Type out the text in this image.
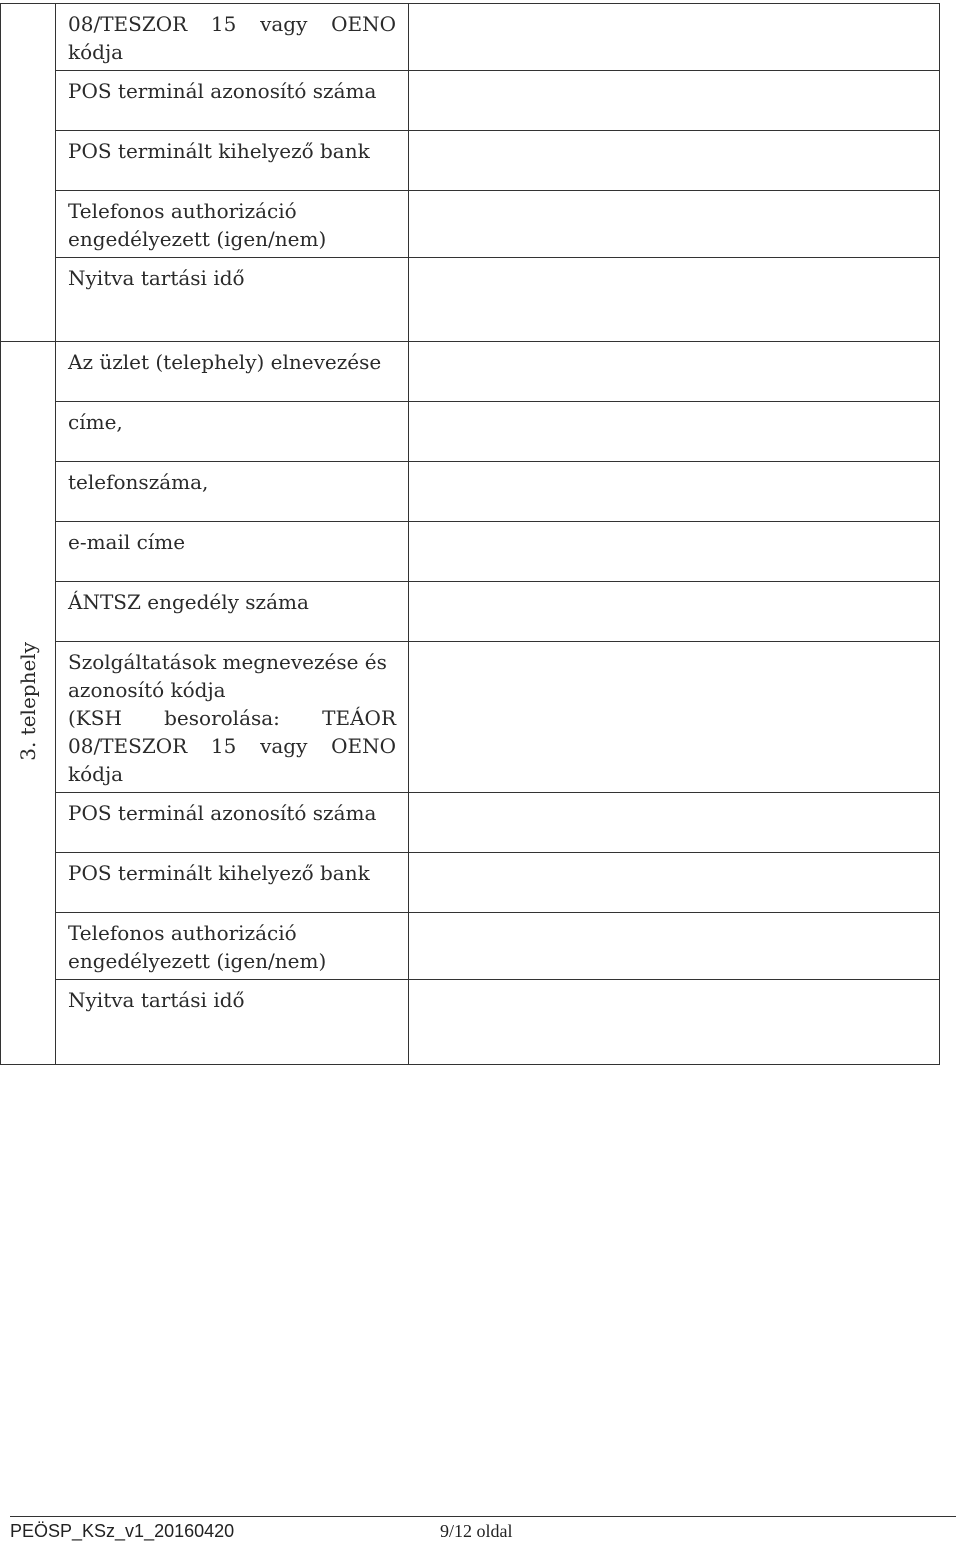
	08/TESZOR 15 vagy OENO
kódja	

	POS terminál azonosító száma	

	POS terminált kihelyező bank	

	Telefonos authorizáció
engedélyezett (igen/nem)	

	Nyitva tartási idő	

3. telephely	Az üzlet (telephely) elnevezése	

	címe,	

	telefonszáma,	

	e-mail címe	

	ÁNTSZ engedély száma	

	Szolgáltatások megnevezése és
azonosító kódja
(KSH besorolása: TEÁOR
08/TESZOR 15 vagy OENO
kódja	

	POS terminál azonosító száma	

	POS terminált kihelyező bank	

	Telefonos authorizáció
engedélyezett (igen/nem)	

	Nyitva tartási idő	

PEÖSP_KSz_v1_20160420	9/12 oldal
